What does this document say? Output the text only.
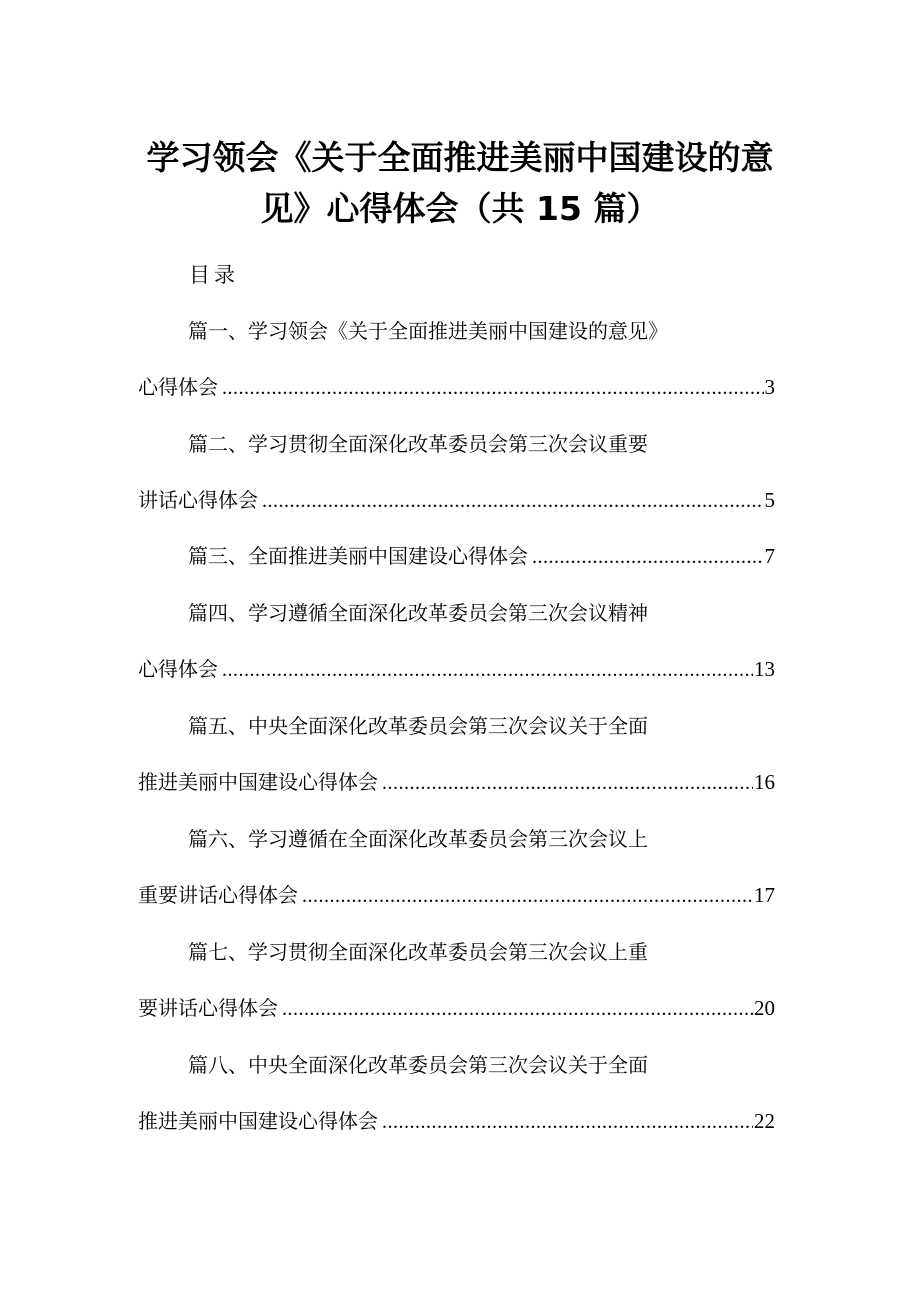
学习领会《关于全面推进美丽中国建设的意
见》心得体会（共 15 篇）
目录
篇一、学习领会《关于全面推进美丽中国建设的意见》
心得体会 .....	3
篇二、学习贯彻全面深化改革委员会第三次会议重要
讲话心得体会 .....	5
篇三、全面推进美丽中国建设心得体会 .....	7
篇四、学习遵循全面深化改革委员会第三次会议精神
心得体会 .....	13
篇五、中央全面深化改革委员会第三次会议关于全面
推进美丽中国建设心得体会 .....	16
篇六、学习遵循在全面深化改革委员会第三次会议上
重要讲话心得体会 .....	17
篇七、学习贯彻全面深化改革委员会第三次会议上重
要讲话心得体会 .....	20
篇八、中央全面深化改革委员会第三次会议关于全面
推进美丽中国建设心得体会 .....	22
